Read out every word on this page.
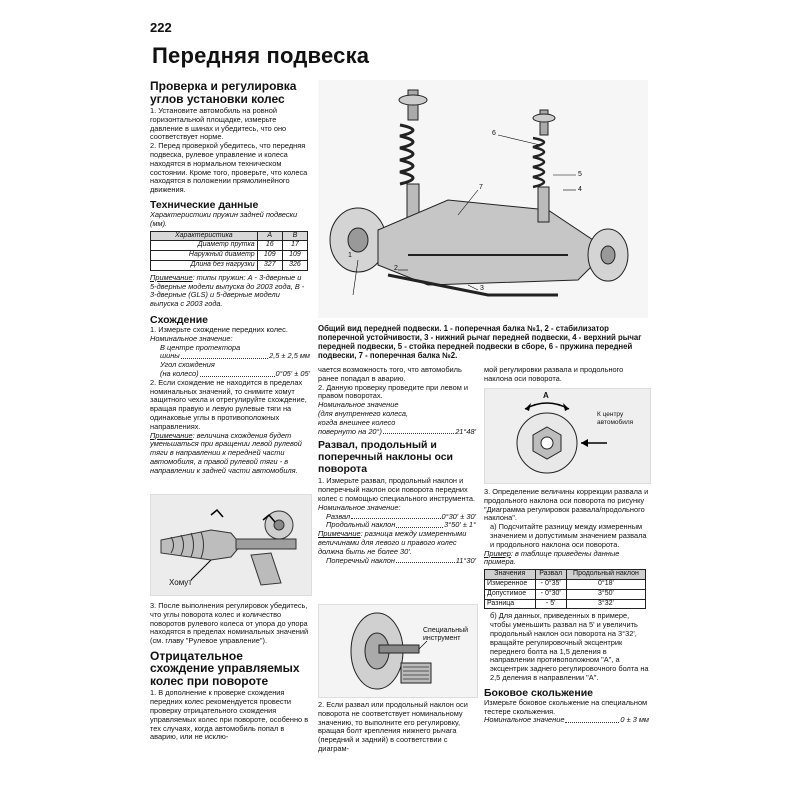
222
Передняя подвеска
Проверка и регулировка углов установки колес

1. Установите автомобиль на ровной горизонтальной площадке, измерьте давление в шинах и убедитесь, что оно соответствует норме.

2. Перед проверкой убедитесь, что передняя подвеска, рулевое управление и колеса находятся в нормальном техническом состоянии. Кроме того, проверьте, что колеса находятся в положении прямолинейного движения.

Технические данные

Характеристики пружин задней подвески (мм).

Характеристика	A	B
Диаметр прутка	16	17
Наружный диаметр	109	109
Длина без нагрузки	327	326

Примечание: типы пружин: А - 3-дверные и 5-дверные модели выпуска до 2003 года, В - 3-дверные (GLS) и 5-дверные модели выпуска с 2003 года.

Схождение

1. Измерьте схождение передних колес.

Номинальное значение:

В центре протектора

шины	2,5 ± 2,5 мм

Угол схождения

(на колесо)	0°05' ± 05'

2. Если схождение не находится в пределах номинальных значений, то снимите хомут защитного чехла и отрегулируйте схождение, вращая правую и левую рулевые тяги на одинаковые углы в противоположных направлениях.

Примечание: величина схождения будет уменьшаться при вращении левой рулевой тяги в направлении к передней части автомобиля, а правой рулевой тяги - в направлении к задней части автомобиля.

Хомут

3. После выполнения регулировок убедитесь, что углы поворота колес и количество поворотов рулевого колеса от упора до упора находятся в пределах номинальных значений (см. главу "Рулевое управление").

Отрицательное схождение управляемых колес при повороте

1. В дополнение к проверке схождения передних колес рекомендуется провести проверку отрицательного схождения управляемых колес при повороте, особенно в тех случаях, когда автомобиль попал в аварию, или не исклю-

1
2
3
4
5
6
7
Общий вид передней подвески. 1 - поперечная балка №1, 2 - стабилизатор поперечной устойчивости, 3 - нижний рычаг передней подвески, 4 - верхний рычаг передней подвески, 5 - стойка передней подвески в сборе, 6 - пружина передней подвески, 7 - поперечная балка №2.

чается возможность того, что автомобиль ранее попадал в аварию.

2. Данную проверку проведите при левом и правом поворотах.

Номинальное значение

(для внутреннего колеса,

когда внешнее колесо

повернуто на 20°)	21°48'
Развал, продольный и поперечный наклоны оси поворота

1. Измерьте развал, продольный наклон и поперечный наклон оси поворота передних колес с помощью специального инструмента.

Номинальное значение:

Развал	0°30' ± 30'
Продольный наклон	3°50' ± 1°

Примечание: разница между измеренными величинами для левого и правого колес должна быть не более 30'.

Поперечный наклон	11°30'
Специальный
инструмент

2. Если развал или продольный наклон оси поворота не соответствует номинальному значению, то выполните его регулировку, вращая болт крепления нижнего рычага (передний и задний) в соответствии с диаграм-

мой регулировки развала и продольного наклона оси поворота.

A
К центру
автомобиля

3. Определение величины коррекции развала и продольного наклона оси поворота по рисунку "Диаграмма регулировок развала/продольного наклона".

а) Подсчитайте разницу между измеренным значением и допустимым значением развала и продольного наклона оси поворота.

Пример: в таблице приведены данные примера.

Значения	Развал	Продольный наклон
Измеренное	- 0°35'	0°18'
Допустимое	- 0°30'	3°50'
Разница	- 5'	3°32'

б) Для данных, приведенных в примере, чтобы уменьшить развал на 5' и увеличить продольный наклон оси поворота на 3°32', вращайте регулировочный эксцентрик переднего болта на 1,5 деления в направлении противоположном "А", а эксцентрик заднего регулировочного болта на 2,5 деления в направлении "А".

Боковое скольжение

Измерьте боковое скольжение на специальном тестере скольжения.

Номинальное значение	0 ± 3 мм
